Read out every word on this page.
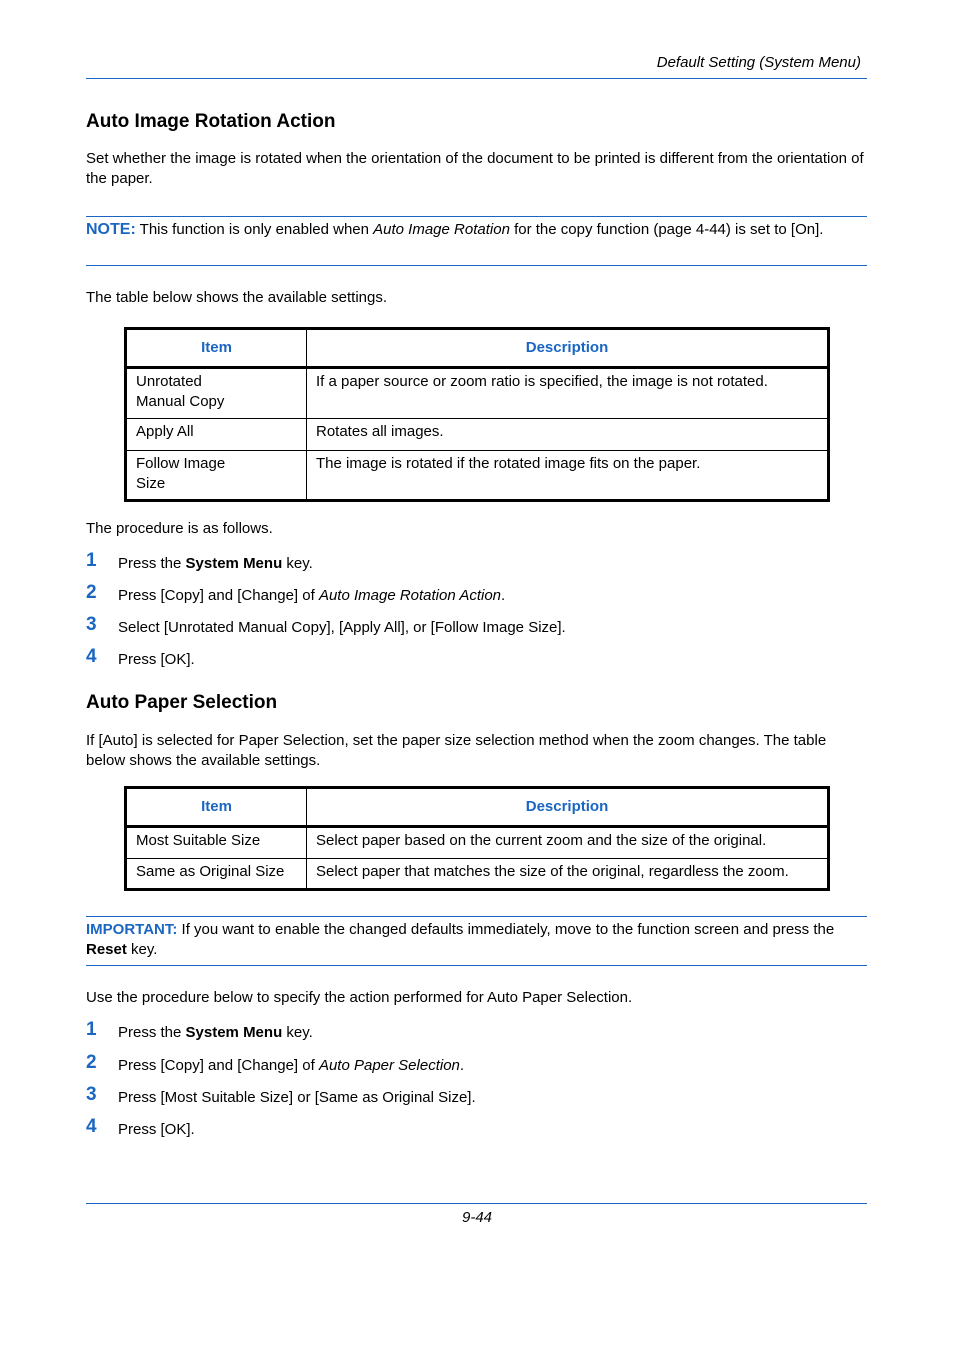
Default Setting (System Menu)
Auto Image Rotation Action

Set whether the image is rotated when the orientation of the document to be printed is different from the orientation of the paper.

NOTE: This function is only enabled when Auto Image Rotation for the copy function (page 4-44) is set to [On].

The table below shows the available settings.

Item	Description
Unrotated
Manual Copy	If a paper source or zoom ratio is specified, the image is not rotated.
Apply All	Rotates all images.
Follow Image
Size	The image is rotated if the rotated image fits on the paper.

The procedure is as follows.

1 Press the System Menu key.
2 Press [Copy] and [Change] of Auto Image Rotation Action.
3 Select [Unrotated Manual Copy], [Apply All], or [Follow Image Size].
4 Press [OK].
Auto Paper Selection

If [Auto] is selected for Paper Selection, set the paper size selection method when the zoom changes. The table below shows the available settings.

Item	Description
Most Suitable Size	Select paper based on the current zoom and the size of the original.
Same as Original Size	Select paper that matches the size of the original, regardless the zoom.

IMPORTANT: If you want to enable the changed defaults immediately, move to the function screen and press the Reset key.

Use the procedure below to specify the action performed for Auto Paper Selection.

1 Press the System Menu key.
2 Press [Copy] and [Change] of Auto Paper Selection.
3 Press [Most Suitable Size] or [Same as Original Size].
4 Press [OK].
9-44
